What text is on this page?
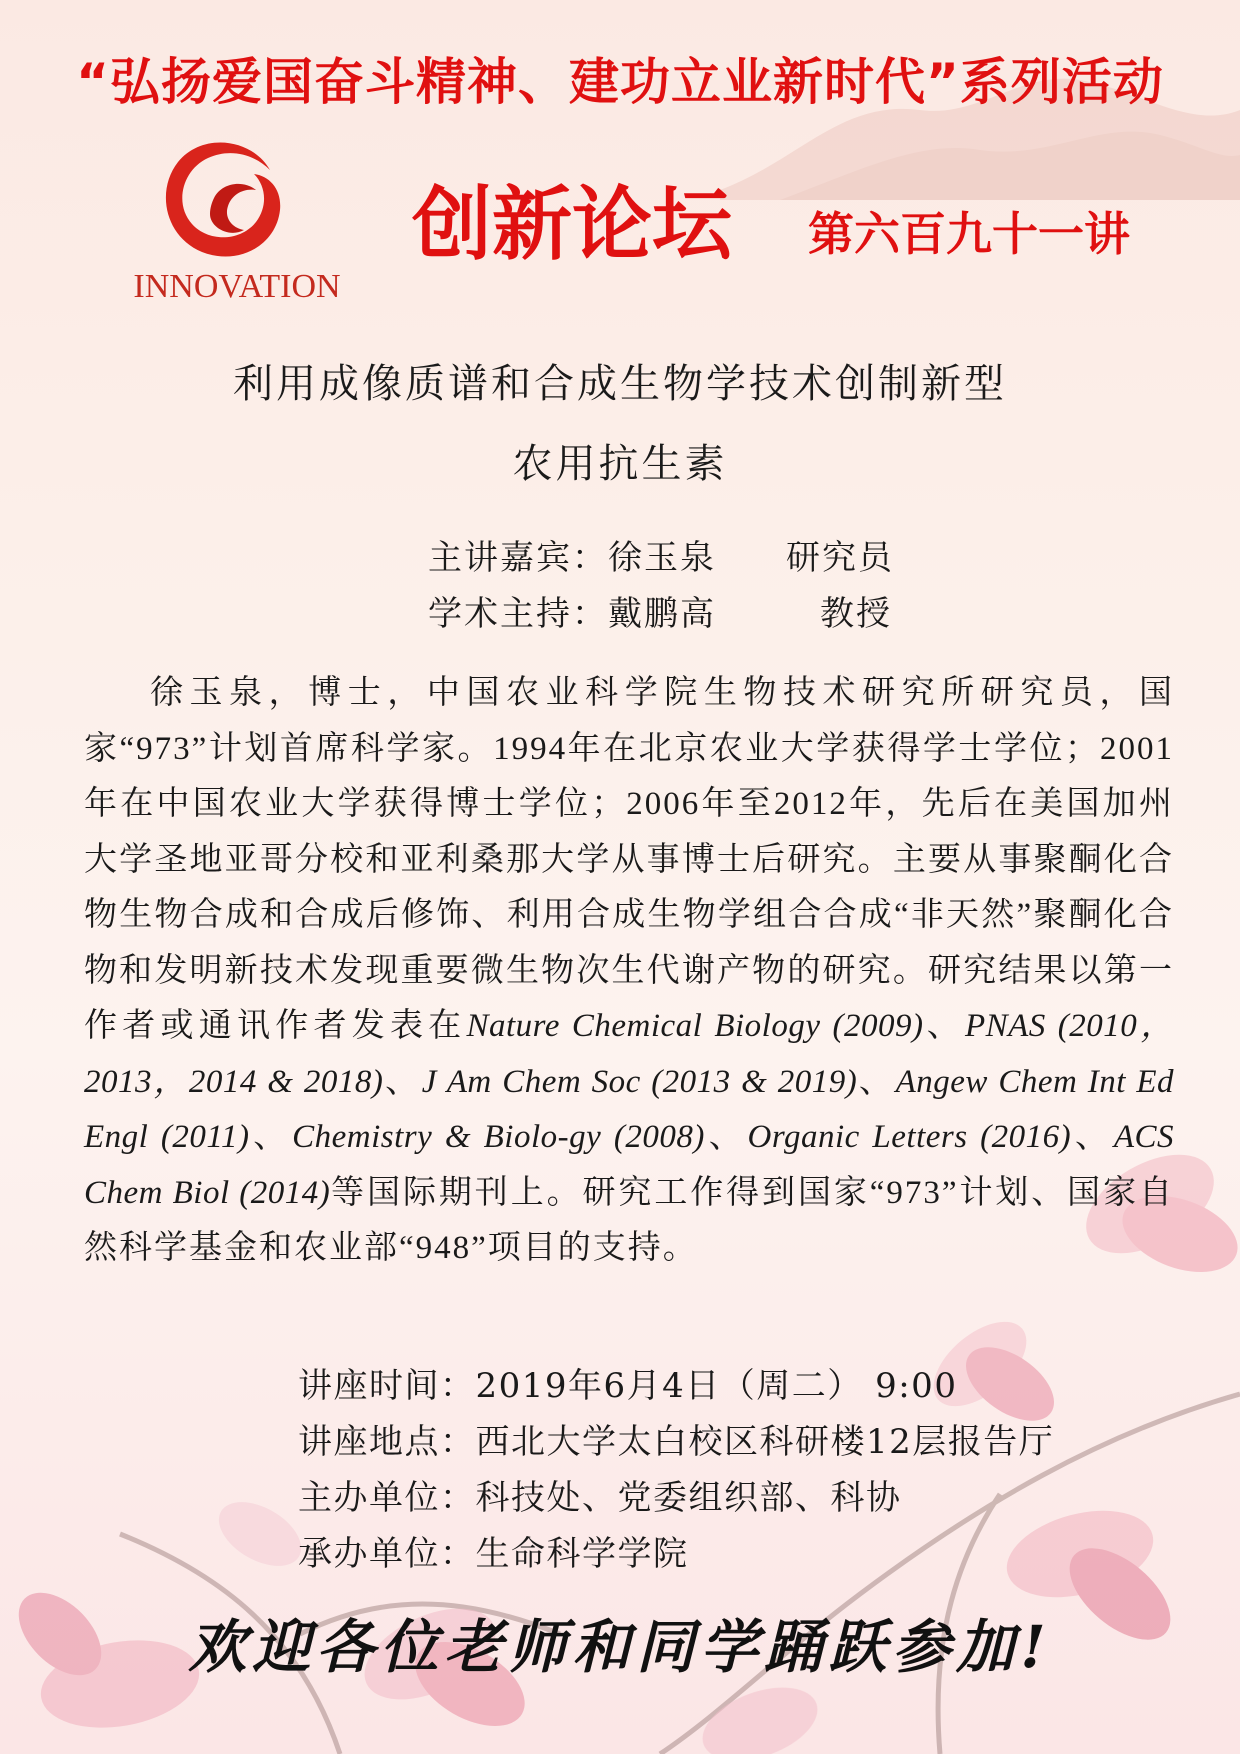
“弘扬爱国奋斗精神、建功立业新时代”系列活动
INNOVATION
创新论坛 第六百九十一讲
利用成像质谱和合成生物学技术创制新型
农用抗生素
主讲嘉宾：徐玉泉 研究员
学术主持：戴鹏高	教授

徐玉泉，博士，中国农业科学院生物技术研究所研究员，国家“973”计划首席科学家。1994年在北京农业大学获得学士学位；2001年在中国农业大学获得博士学位；2006年至2012年，先后在美国加州大学圣地亚哥分校和亚利桑那大学从事博士后研究。主要从事聚酮化合物生物合成和合成后修饰、利用合成生物学组合合成“非天然”聚酮化合物和发明新技术发现重要微生物次生代谢产物的研究。研究结果以第一作者或通讯作者发表在Nature Chemical Biology (2009)、PNAS (2010，2013，2014 & 2018)、J Am Chem Soc (2013 & 2019)、Angew Chem Int Ed Engl (2011)、Chemistry & Biolo-gy (2008)、Organic Letters (2016)、ACS Chem Biol (2014)等国际期刊上。研究工作得到国家“973”计划、国家自然科学基金和农业部“948”项目的支持。

讲座时间：2019年6月4日（周二） 9:00
讲座地点：西北大学太白校区科研楼12层报告厅
主办单位：科技处、党委组织部、科协
承办单位：生命科学学院
欢迎各位老师和同学踊跃参加!
